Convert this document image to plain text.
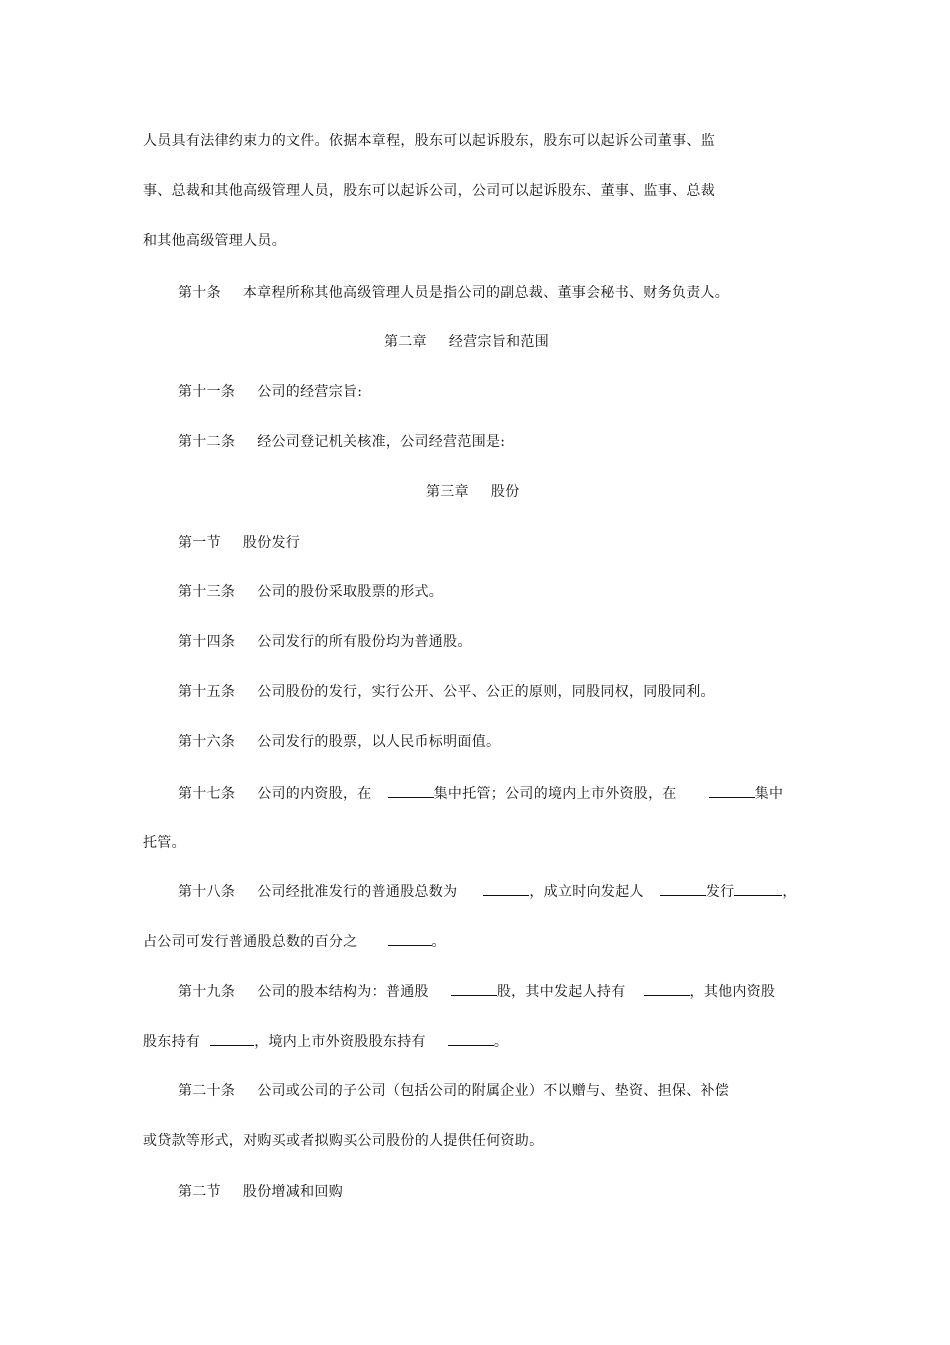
人员具有法律约束力的文件。依据本章程，股东可以起诉股东，股东可以起诉公司董事、监
事、总裁和其他高级管理人员，股东可以起诉公司，公司可以起诉股东、董事、监事、总裁
和其他高级管理人员。
第十条 本章程所称其他高级管理人员是指公司的副总裁、董事会秘书、财务负责人。
第二章 经营宗旨和范围
第十一条 公司的经营宗旨:
第十二条 经公司登记机关核准，公司经营范围是:
第三章 股份
第一节 股份发行
第十三条 公司的股份采取股票的形式。
第十四条 公司发行的所有股份均为普通股。
第十五条 公司股份的发行，实行公开、公平、公正的原则，同股同权，同股同利。
第十六条 公司发行的股票，以人民币标明面值。
第十七条 公司的内资股，在	集中托管；公司的境内上市外资股，在	集中
托管。
第十八条 公司经批准发行的普通股总数为	，成立时向发起人	发行	，
占公司可发行普通股总数的百分之	。
第十九条 公司的股本结构为：普通股	股，其中发起人持有	，其他内资股
股东持有	，境内上市外资股股东持有	。
第二十条 公司或公司的子公司（包括公司的附属企业）不以赠与、垫资、担保、补偿
或贷款等形式，对购买或者拟购买公司股份的人提供任何资助。
第二节 股份增减和回购
